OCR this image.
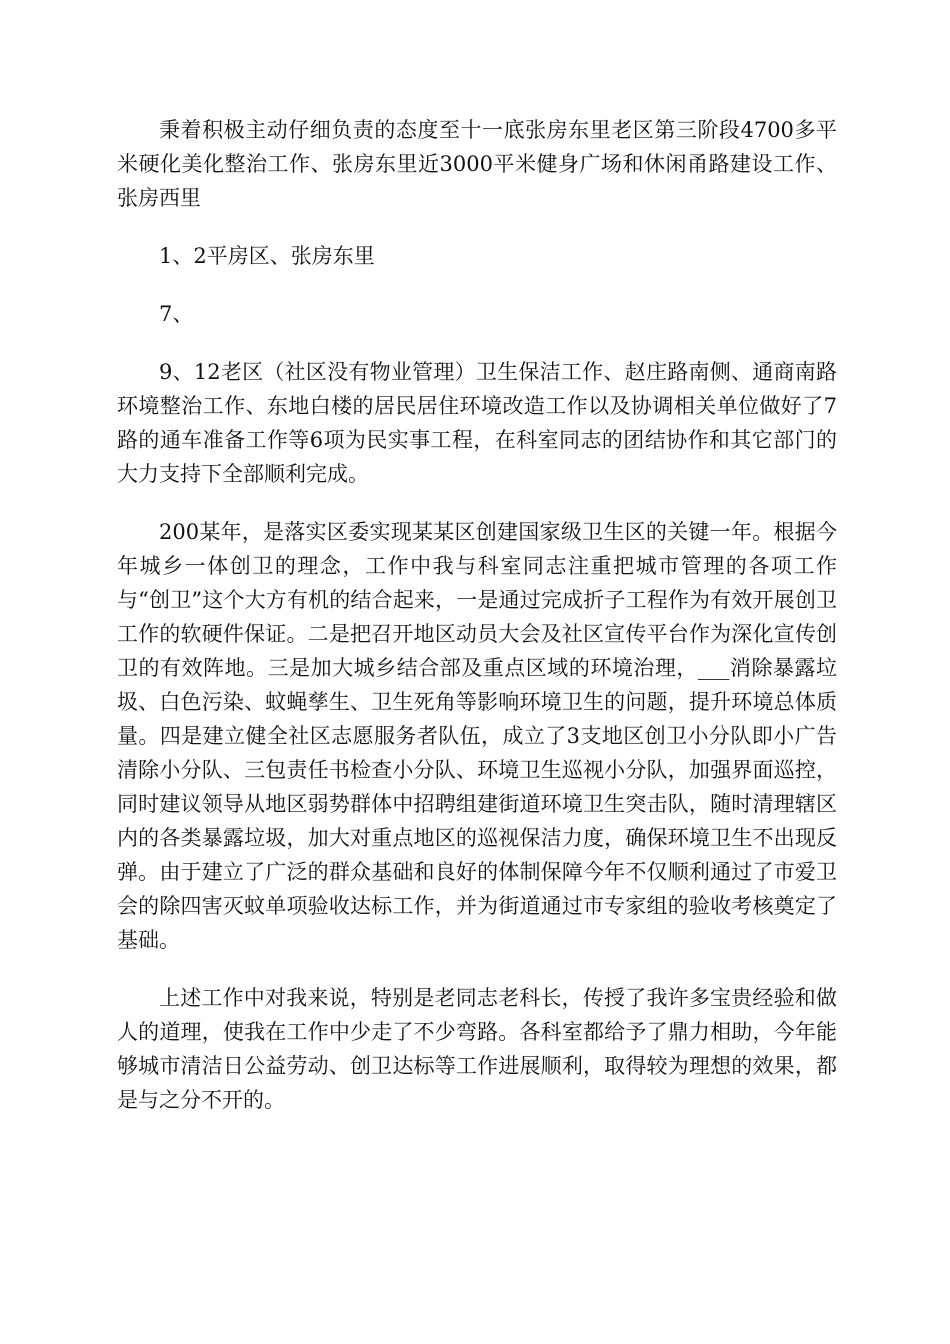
秉着积极主动仔细负责的态度至十一底张房东里老区第三阶段4700多平米硬化美化整治工作、张房东里近3000平米健身广场和休闲甬路建设工作、张房西里

1、2平房区、张房东里

7、

9、12老区（社区没有物业管理）卫生保洁工作、赵庄路南侧、通商南路环境整治工作、东地白楼的居民居住环境改造工作以及协调相关单位做好了7路的通车准备工作等6项为民实事工程，在科室同志的团结协作和其它部门的大力支持下全部顺利完成。

200某年，是落实区委实现某某区创建国家级卫生区的关键一年。根据今年城乡一体创卫的理念，工作中我与科室同志注重把城市管理的各项工作与“创卫”这个大方有机的结合起来，一是通过完成折子工程作为有效开展创卫工作的软硬件保证。二是把召开地区动员大会及社区宣传平台作为深化宣传创卫的有效阵地。三是加大城乡结合部及重点区域的环境治理，___消除暴露垃圾、白色污染、蚊蝇孳生、卫生死角等影响环境卫生的问题，提升环境总体质量。四是建立健全社区志愿服务者队伍，成立了3支地区创卫小分队即小广告清除小分队、三包责任书检查小分队、环境卫生巡视小分队，加强界面巡控，同时建议领导从地区弱势群体中招聘组建街道环境卫生突击队，随时清理辖区内的各类暴露垃圾，加大对重点地区的巡视保洁力度，确保环境卫生不出现反弹。由于建立了广泛的群众基础和良好的体制保障今年不仅顺利通过了市爱卫会的除四害灭蚊单项验收达标工作，并为街道通过市专家组的验收考核奠定了基础。

上述工作中对我来说，特别是老同志老科长，传授了我许多宝贵经验和做人的道理，使我在工作中少走了不少弯路。各科室都给予了鼎力相助，今年能够城市清洁日公益劳动、创卫达标等工作进展顺利，取得较为理想的效果，都是与之分不开的。
